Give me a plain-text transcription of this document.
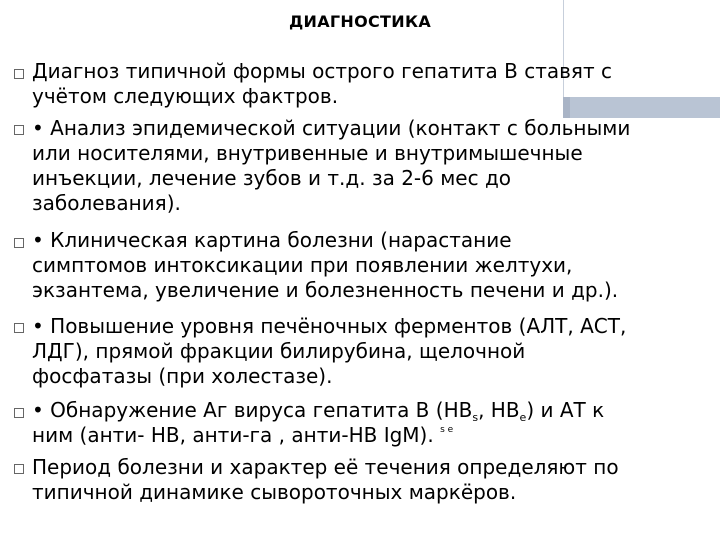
ДИАГНОСТИКА
Диагноз типичной формы острого гепатита В ставят с
учётом следующих фактров.
• Анализ эпидемической ситуации (контакт с больными
или носителями, внутривенные и внутримышечные
инъекции, лечение зубов и т.д. за 2-6 мес до
заболевания).
• Клиническая картина болезни (нарастание
симптомов интоксикации при появлении желтухи,
экзантема, увеличение и болезненность печени и др.).
• Повышение уровня печёночных ферментов (АЛТ, АСТ,
ЛДГ), прямой фракции билирубина, щелочной
фосфатазы (при холестазе).
• Обнаружение Аг вируса гепатита В ($HB_s$, $HB_e$) и АТ к
ним (анти- HB, анти-га , анти-HB IgM). $^{s e}$
Период болезни и характер её течения определяют по
типичной динамике сывороточных маркёров.
